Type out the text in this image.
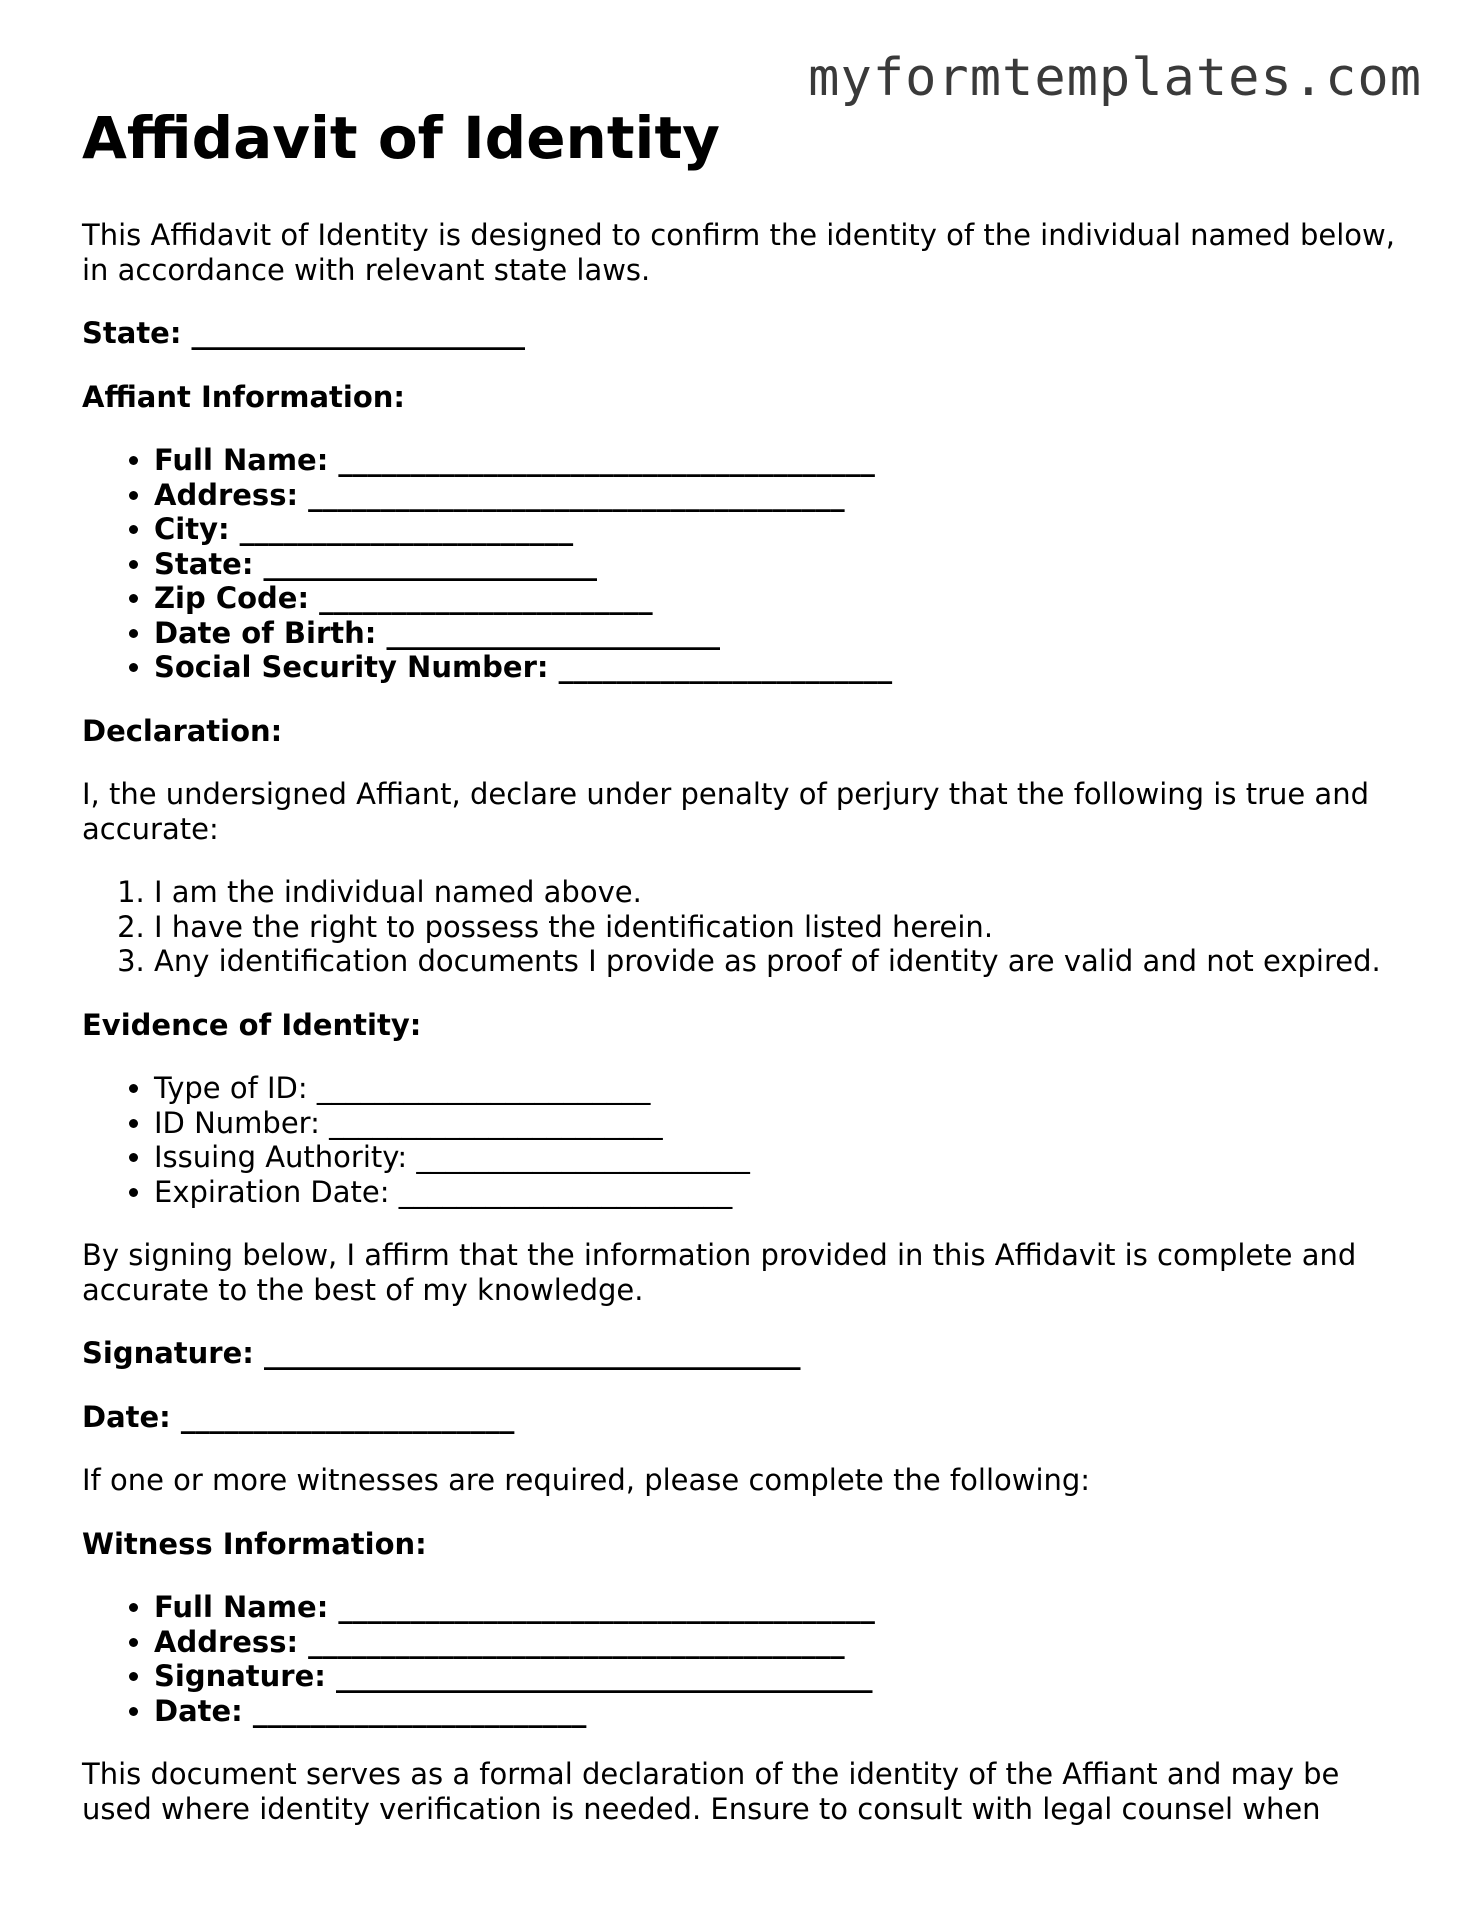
myformtemplates.com
Affidavit of Identity

This Affidavit of Identity is designed to confirm the identity of the individual named below, in accordance with relevant state laws.

State: _______________________

Affiant Information:

• Full Name: _____________________________________
• Address: _____________________________________
• City: _______________________
• State: _______________________
• Zip Code: _______________________
• Date of Birth: _______________________
• Social Security Number: _______________________

Declaration:

I, the undersigned Affiant, declare under penalty of perjury that the following is true and accurate:

1. I am the individual named above.
2. I have the right to possess the identification listed herein.
3. Any identification documents I provide as proof of identity are valid and not expired.

Evidence of Identity:

• Type of ID: _______________________
• ID Number: _______________________
• Issuing Authority: _______________________
• Expiration Date: _______________________

By signing below, I affirm that the information provided in this Affidavit is complete and accurate to the best of my knowledge.

Signature: _____________________________________

Date: _______________________

If one or more witnesses are required, please complete the following:

Witness Information:

• Full Name: _____________________________________
• Address: _____________________________________
• Signature: _____________________________________
• Date: _______________________

This document serves as a formal declaration of the identity of the Affiant and may be used where identity verification is needed. Ensure to consult with legal counsel when
